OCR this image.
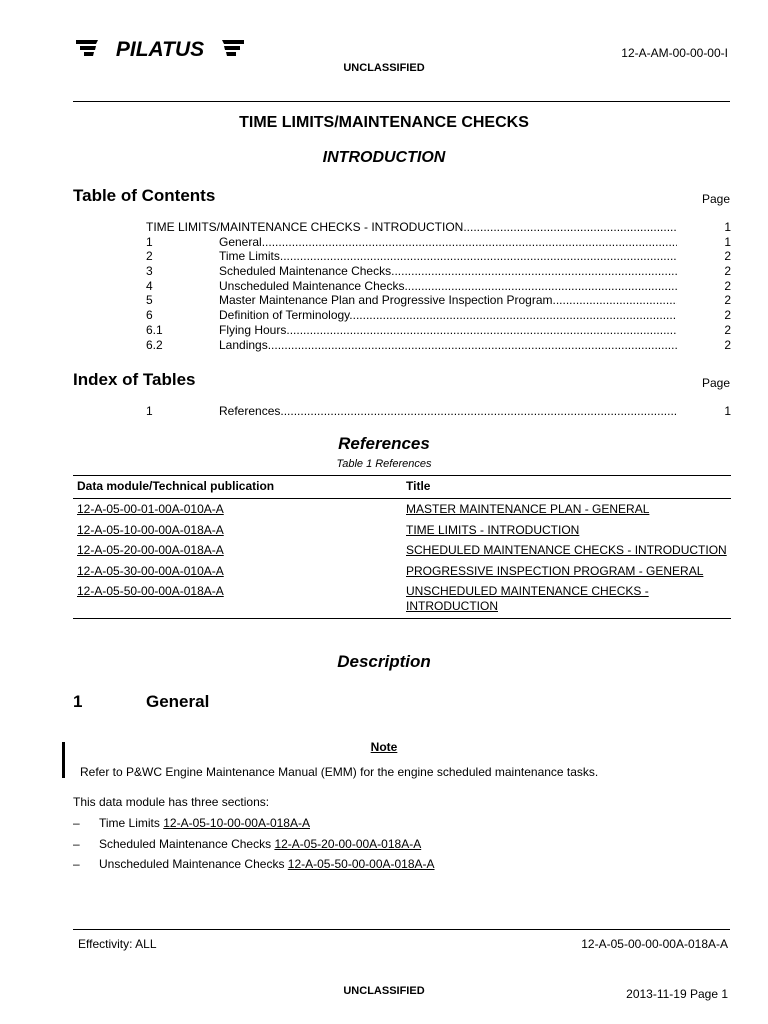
PILATUS	12-A-AM-00-00-00-I
UNCLASSIFIED
TIME LIMITS/MAINTENANCE CHECKS
INTRODUCTION
Table of Contents	Page
TIME LIMITS/MAINTENANCE CHECKS - INTRODUCTION .....	1
1	General .....	1
2	Time Limits .....	2
3	Scheduled Maintenance Checks .....	2
4	Unscheduled Maintenance Checks .....	2
5	Master Maintenance Plan and Progressive Inspection Program .....	2
6	Definition of Terminology .....	2
6.1	Flying Hours .....	2
6.2	Landings .....	2
Index of Tables	Page
1	References .....	1
References
Table 1 References
Data module/Technical publication	Title
12-A-05-00-01-00A-010A-A	MASTER MAINTENANCE PLAN - GENERAL
12-A-05-10-00-00A-018A-A	TIME LIMITS - INTRODUCTION
12-A-05-20-00-00A-018A-A	SCHEDULED MAINTENANCE CHECKS - INTRODUCTION
12-A-05-30-00-00A-010A-A	PROGRESSIVE INSPECTION PROGRAM - GENERAL
12-A-05-50-00-00A-018A-A	UNSCHEDULED MAINTENANCE CHECKS - INTRODUCTION
Description
1	General
Note
Refer to P&WC Engine Maintenance Manual (EMM) for the engine scheduled maintenance tasks.
This data module has three sections:
– Time Limits 12-A-05-10-00-00A-018A-A
– Scheduled Maintenance Checks 12-A-05-20-00-00A-018A-A
– Unscheduled Maintenance Checks 12-A-05-50-00-00A-018A-A
Effectivity: ALL	12-A-05-00-00-00A-018A-A
UNCLASSIFIED	2013-11-19 Page 1
